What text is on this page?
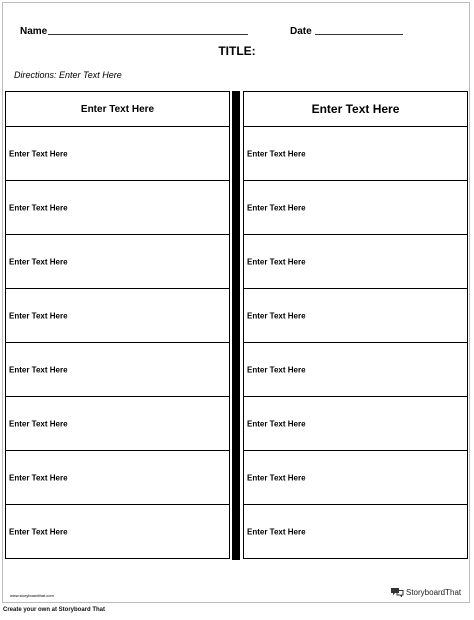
Name	Date
TITLE:
Directions: Enter Text Here
Enter Text Here
Enter Text Here
Enter Text Here
Enter Text Here
Enter Text Here
Enter Text Here
Enter Text Here
Enter Text Here
Enter Text Here
Enter Text Here
Enter Text Here
Enter Text Here
Enter Text Here
Enter Text Here
Enter Text Here
Enter Text Here
Enter Text Here
Enter Text Here
www.storyboardthat.com	StoryboardThat
Create your own at Storyboard That
